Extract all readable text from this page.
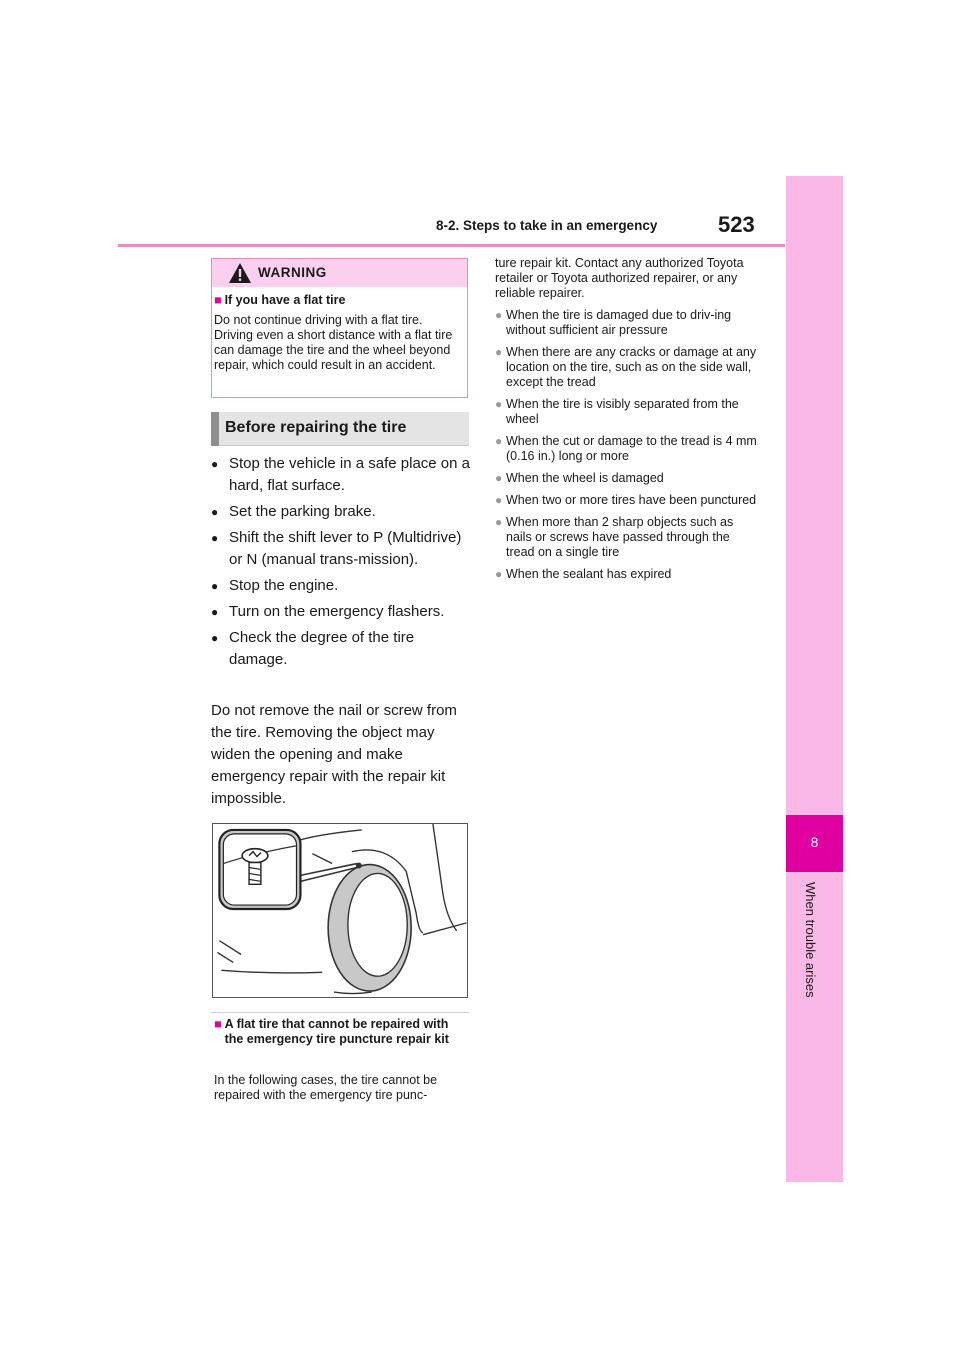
8-2. Steps to take in an emergency	523
8
When trouble arises
WARNING
■ If you have a flat tire
Do not continue driving with a flat tire. Driving even a short distance with a flat tire can damage the tire and the wheel beyond repair, which could result in an accident.
Before repairing the tire
● Stop the vehicle in a safe place on a hard, flat surface.
● Set the parking brake.
● Shift the shift lever to P (Multidrive) or N (manual trans-mission).
● Stop the engine.
● Turn on the emergency flashers.
● Check the degree of the tire damage.
Do not remove the nail or screw from the tire. Removing the object may widen the opening and make emergency repair with the repair kit impossible.
■ A flat tire that cannot be repaired with the emergency tire puncture repair kit
In the following cases, the tire cannot be repaired with the emergency tire punc-
ture repair kit. Contact any authorized Toyota retailer or Toyota authorized repairer, or any reliable repairer.
● When the tire is damaged due to driv-ing without sufficient air pressure
● When there are any cracks or damage at any location on the tire, such as on the side wall, except the tread
● When the tire is visibly separated from the wheel
● When the cut or damage to the tread is 4 mm (0.16 in.) long or more
● When the wheel is damaged
● When two or more tires have been punctured
● When more than 2 sharp objects such as nails or screws have passed through the tread on a single tire
● When the sealant has expired
